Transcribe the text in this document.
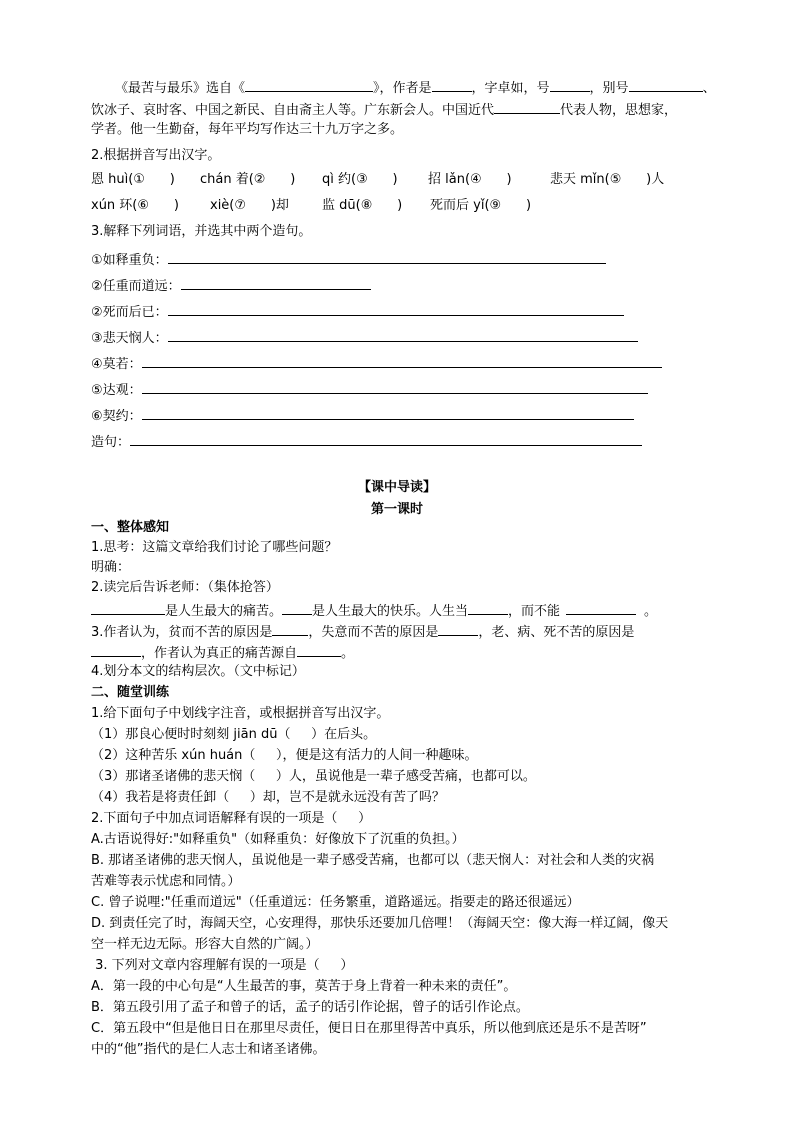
《最苦与最乐》选自《	》，作者是	，字卓如，号	，别号	、
饮冰子、哀时客、中国之新民、自由斋主人等。广东新会人。中国近代	代表人物，思想家，
学者。他一生勤奋，每年平均写作达三十九万字之多。
2.根据拼音写出汉字。
恩 huì(①      ) chán 着(②      ) qì 约(③      ) 招 lǎn(④      )	悲天 mǐn(⑤      )人
xún 环(⑥      ) xiè(⑦      )却	监 dū(⑧      ) 死而后 yǐ(⑨      )
3.解释下列词语，并选其中两个造句。
①如释重负：
②任重而道远：
②死而后已：
③悲天悯人：
④莫若：
⑤达观：
⑥契约：
造句：
【课中导读】
第一课时
一、整体感知
1.思考：这篇文章给我们讨论了哪些问题？
明确：
2.读完后告诉老师：（集体抢答）
是人生最大的痛苦。 是人生最大的快乐。人生当	，而不能	。
3.作者认为，贫而不苦的原因是	，失意而不苦的原因是	，老、病、死不苦的原因是
，作者认为真正的痛苦源自	。
4.划分本文的结构层次。（文中标记）
二、随堂训练
1.给下面句子中划线字注音，或根据拼音写出汉字。
（1）那良心便时时刻刻 jiān dū（     ）在后头。
（2）这种苦乐 xún huán（     ），便是这有活力的人间一种趣味。
（3）那诸圣诸佛的悲天悯（     ）人，虽说他是一辈子感受苦痛，也都可以。
（4）我若是将责任卸（     ）却，岂不是就永远没有苦了吗？
2.下面句子中加点词语解释有误的一项是（     ）
A.古语说得好:"如释重负"（如释重负：好像放下了沉重的负担。）
B. 那诸圣诸佛的悲天悯人，虽说他是一辈子感受苦痛，也都可以（悲天悯人：对社会和人类的灾祸
苦难等表示忧虑和同情。）
C. 曾子说哩:"任重而道远"（任重道远：任务繁重，道路遥远。指要走的路还很遥远）
D. 到责任完了时，海阔天空，心安理得，那快乐还要加几倍哩！（海阔天空：像大海一样辽阔，像天
空一样无边无际。形容大自然的广阔。）
3. 下列对文章内容理解有误的一项是（     ）
A．第一段的中心句是“人生最苦的事，莫苦于身上背着一种未来的责任”。
B．第五段引用了孟子和曾子的话，孟子的话引作论据，曾子的话引作论点。
C．第五段中“但是他日日在那里尽责任，便日日在那里得苦中真乐，所以他到底还是乐不是苦呀”
中的“他”指代的是仁人志士和诸圣诸佛。
